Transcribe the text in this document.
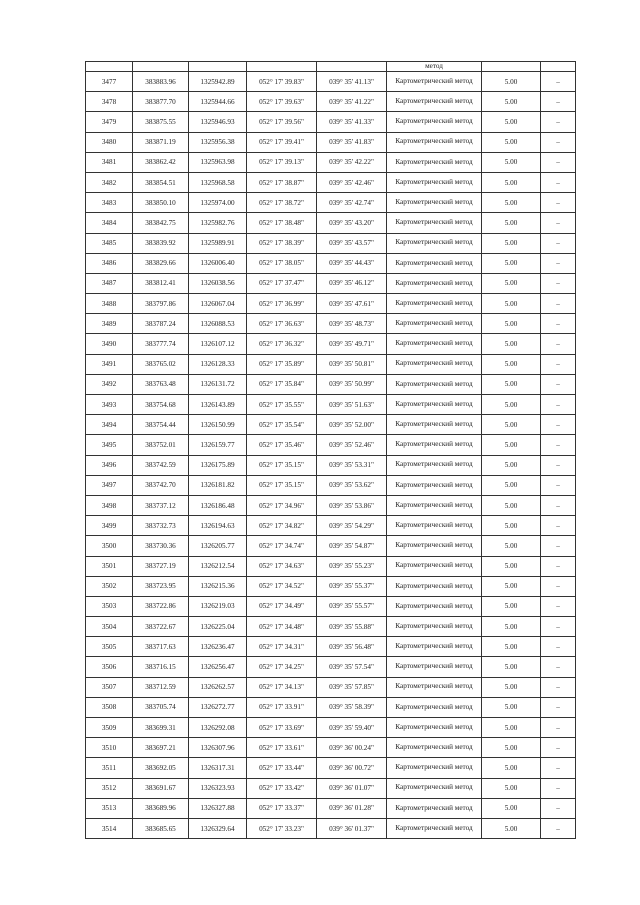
					метод		
3477	383883.96	1325942.89	052° 17' 39.83"	039° 35' 41.13"	Картометрический метод	5.00	–
3478	383877.70	1325944.66	052° 17' 39.63"	039° 35' 41.22"	Картометрический метод	5.00	–
3479	383875.55	1325946.93	052° 17' 39.56"	039° 35' 41.33"	Картометрический метод	5.00	–
3480	383871.19	1325956.38	052° 17' 39.41"	039° 35' 41.83"	Картометрический метод	5.00	–
3481	383862.42	1325963.98	052° 17' 39.13"	039° 35' 42.22"	Картометрический метод	5.00	–
3482	383854.51	1325968.58	052° 17' 38.87"	039° 35' 42.46"	Картометрический метод	5.00	–
3483	383850.10	1325974.00	052° 17' 38.72"	039° 35' 42.74"	Картометрический метод	5.00	–
3484	383842.75	1325982.76	052° 17' 38.48"	039° 35' 43.20"	Картометрический метод	5.00	–
3485	383839.92	1325989.91	052° 17' 38.39"	039° 35' 43.57"	Картометрический метод	5.00	–
3486	383829.66	1326006.40	052° 17' 38.05"	039° 35' 44.43"	Картометрический метод	5.00	–
3487	383812.41	1326038.56	052° 17' 37.47"	039° 35' 46.12"	Картометрический метод	5.00	–
3488	383797.86	1326067.04	052° 17' 36.99"	039° 35' 47.61"	Картометрический метод	5.00	–
3489	383787.24	1326088.53	052° 17' 36.63"	039° 35' 48.73"	Картометрический метод	5.00	–
3490	383777.74	1326107.12	052° 17' 36.32"	039° 35' 49.71"	Картометрический метод	5.00	–
3491	383765.02	1326128.33	052° 17' 35.89"	039° 35' 50.81"	Картометрический метод	5.00	–
3492	383763.48	1326131.72	052° 17' 35.84"	039° 35' 50.99"	Картометрический метод	5.00	–
3493	383754.68	1326143.89	052° 17' 35.55"	039° 35' 51.63"	Картометрический метод	5.00	–
3494	383754.44	1326150.99	052° 17' 35.54"	039° 35' 52.00"	Картометрический метод	5.00	–
3495	383752.01	1326159.77	052° 17' 35.46"	039° 35' 52.46"	Картометрический метод	5.00	–
3496	383742.59	1326175.89	052° 17' 35.15"	039° 35' 53.31"	Картометрический метод	5.00	–
3497	383742.70	1326181.82	052° 17' 35.15"	039° 35' 53.62"	Картометрический метод	5.00	–
3498	383737.12	1326186.48	052° 17' 34.96"	039° 35' 53.86"	Картометрический метод	5.00	–
3499	383732.73	1326194.63	052° 17' 34.82"	039° 35' 54.29"	Картометрический метод	5.00	–
3500	383730.36	1326205.77	052° 17' 34.74"	039° 35' 54.87"	Картометрический метод	5.00	–
3501	383727.19	1326212.54	052° 17' 34.63"	039° 35' 55.23"	Картометрический метод	5.00	–
3502	383723.95	1326215.36	052° 17' 34.52"	039° 35' 55.37"	Картометрический метод	5.00	–
3503	383722.86	1326219.03	052° 17' 34.49"	039° 35' 55.57"	Картометрический метод	5.00	–
3504	383722.67	1326225.04	052° 17' 34.48"	039° 35' 55.88"	Картометрический метод	5.00	–
3505	383717.63	1326236.47	052° 17' 34.31"	039° 35' 56.48"	Картометрический метод	5.00	–
3506	383716.15	1326256.47	052° 17' 34.25"	039° 35' 57.54"	Картометрический метод	5.00	–
3507	383712.59	1326262.57	052° 17' 34.13"	039° 35' 57.85"	Картометрический метод	5.00	–
3508	383705.74	1326272.77	052° 17' 33.91"	039° 35' 58.39"	Картометрический метод	5.00	–
3509	383699.31	1326292.08	052° 17' 33.69"	039° 35' 59.40"	Картометрический метод	5.00	–
3510	383697.21	1326307.96	052° 17' 33.61"	039° 36' 00.24"	Картометрический метод	5.00	–
3511	383692.05	1326317.31	052° 17' 33.44"	039° 36' 00.72"	Картометрический метод	5.00	–
3512	383691.67	1326323.93	052° 17' 33.42"	039° 36' 01.07"	Картометрический метод	5.00	–
3513	383689.96	1326327.88	052° 17' 33.37"	039° 36' 01.28"	Картометрический метод	5.00	–
3514	383685.65	1326329.64	052° 17' 33.23"	039° 36' 01.37"	Картометрический метод	5.00	–
